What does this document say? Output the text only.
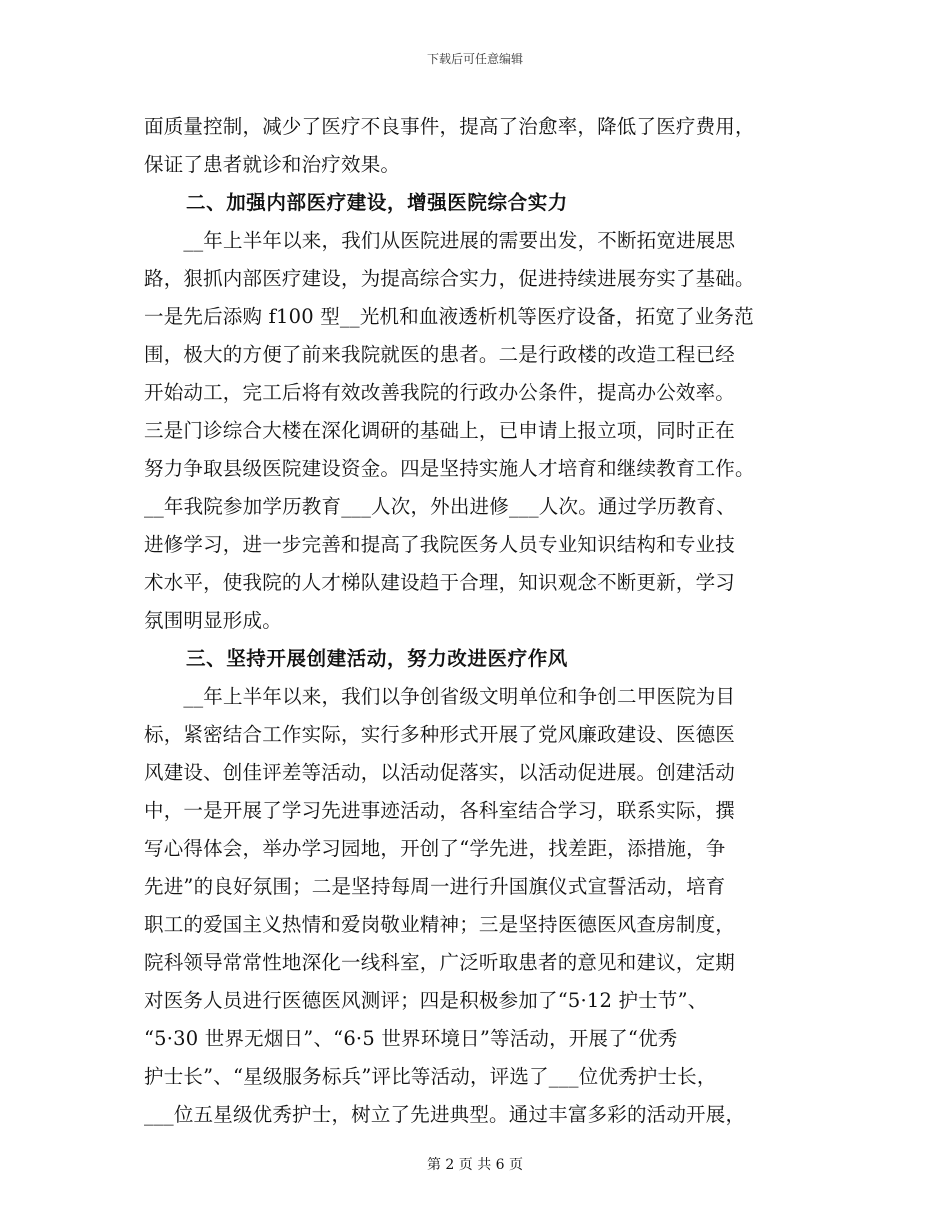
下载后可任意编辑
面质量控制，减少了医疗不良事件，提高了治愈率，降低了医疗费用，
保证了患者就诊和治疗效果。
二、加强内部医疗建设，增强医院综合实力
　　__年上半年以来，我们从医院进展的需要出发，不断拓宽进展思
路，狠抓内部医疗建设，为提高综合实力，促进持续进展夯实了基础。
一是先后添购 f100 型__光机和血液透析机等医疗设备，拓宽了业务范
围，极大的方便了前来我院就医的患者。二是行政楼的改造工程已经
开始动工，完工后将有效改善我院的行政办公条件，提高办公效率。
三是门诊综合大楼在深化调研的基础上，已申请上报立项，同时正在
努力争取县级医院建设资金。四是坚持实施人才培育和继续教育工作。
__年我院参加学历教育___人次，外出进修___人次。通过学历教育、
进修学习，进一步完善和提高了我院医务人员专业知识结构和专业技
术水平，使我院的人才梯队建设趋于合理，知识观念不断更新，学习
氛围明显形成。
三、坚持开展创建活动，努力改进医疗作风
　　__年上半年以来，我们以争创省级文明单位和争创二甲医院为目
标，紧密结合工作实际，实行多种形式开展了党风廉政建设、医德医
风建设、创佳评差等活动，以活动促落实，以活动促进展。创建活动
中，一是开展了学习先进事迹活动，各科室结合学习，联系实际，撰
写心得体会，举办学习园地，开创了“学先进，找差距，添措施，争
先进”的良好氛围；二是坚持每周一进行升国旗仪式宣誓活动，培育
职工的爱国主义热情和爱岗敬业精神；三是坚持医德医风查房制度，
院科领导常常性地深化一线科室，广泛听取患者的意见和建议，定期
对医务人员进行医德医风测评；四是积极参加了“5·12 护士节”、
“5·30 世界无烟日”、“6·5 世界环境日”等活动，开展了“优秀
护士长”、“星级服务标兵”评比等活动，评选了___位优秀护士长，
___位五星级优秀护士，树立了先进典型。通过丰富多彩的活动开展，
第 2 页 共 6 页
